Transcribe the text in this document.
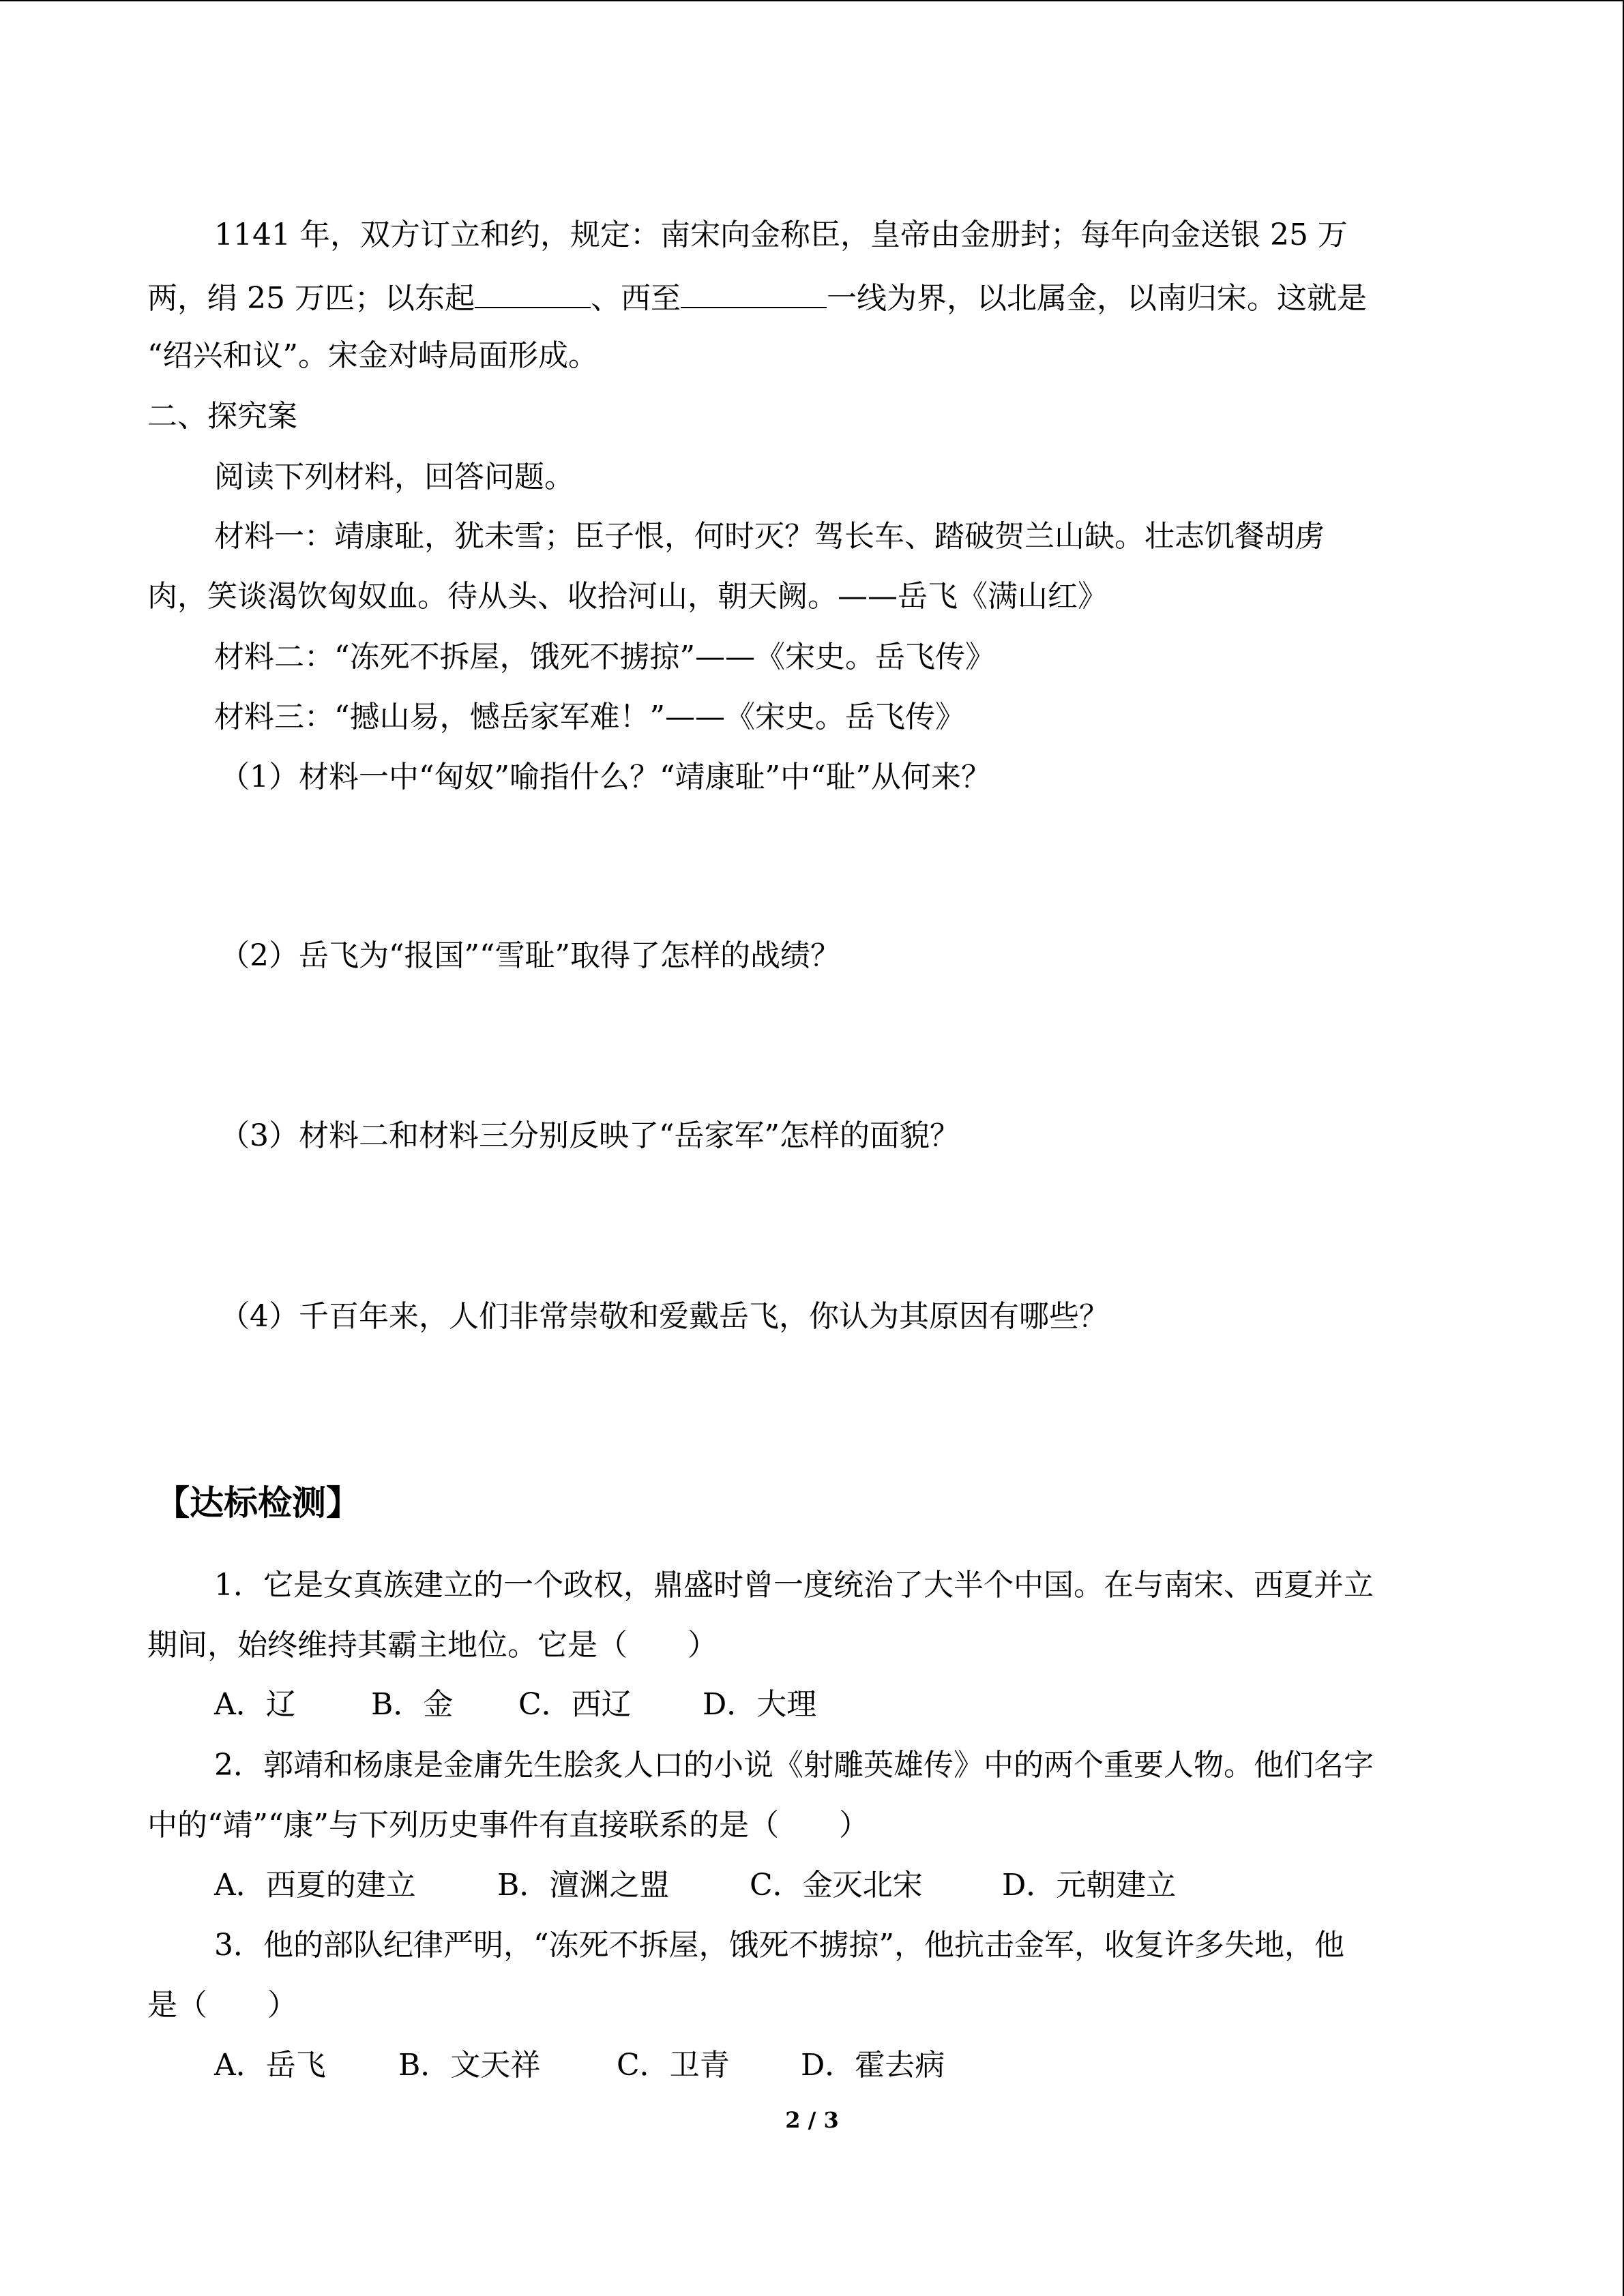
1141 年，双方订立和约，规定：南宋向金称臣，皇帝由金册封；每年向金送银 25 万
两，绢 25 万匹；以东起	、西至	一线为界，以北属金，以南归宋。这就是
“绍兴和议”。宋金对峙局面形成。
二、探究案
阅读下列材料，回答问题。
材料一：靖康耻，犹未雪；臣子恨，何时灭？驾长车、踏破贺兰山缺。壮志饥餐胡虏
肉，笑谈渴饮匈奴血。待从头、收拾河山，朝天阙。——岳飞《满山红》
材料二：“冻死不拆屋，饿死不掳掠”——《宋史。岳飞传》
材料三：“撼山易，憾岳家军难！”——《宋史。岳飞传》
（1）材料一中“匈奴”喻指什么？“靖康耻”中“耻”从何来？
（2）岳飞为“报国”“雪耻”取得了怎样的战绩？
（3）材料二和材料三分别反映了“岳家军”怎样的面貌？
（4）千百年来，人们非常崇敬和爱戴岳飞，你认为其原因有哪些？
【达标检测】
1．它是女真族建立的一个政权，鼎盛时曾一度统治了大半个中国。在与南宋、西夏并立
期间，始终维持其霸主地位。它是（　　）
A．辽	B．金 C．西辽 D．大理
2．郭靖和杨康是金庸先生脍炙人口的小说《射雕英雄传》中的两个重要人物。他们名字
中的“靖”“康”与下列历史事件有直接联系的是（　　）
A．西夏的建立	B．澶渊之盟	C．金灭北宋	D．元朝建立
3．他的部队纪律严明，“冻死不拆屋，饿死不掳掠”，他抗击金军，收复许多失地，他
是（　　）
A．岳飞 B．文天祥	C．卫青 D．霍去病
2 / 3
